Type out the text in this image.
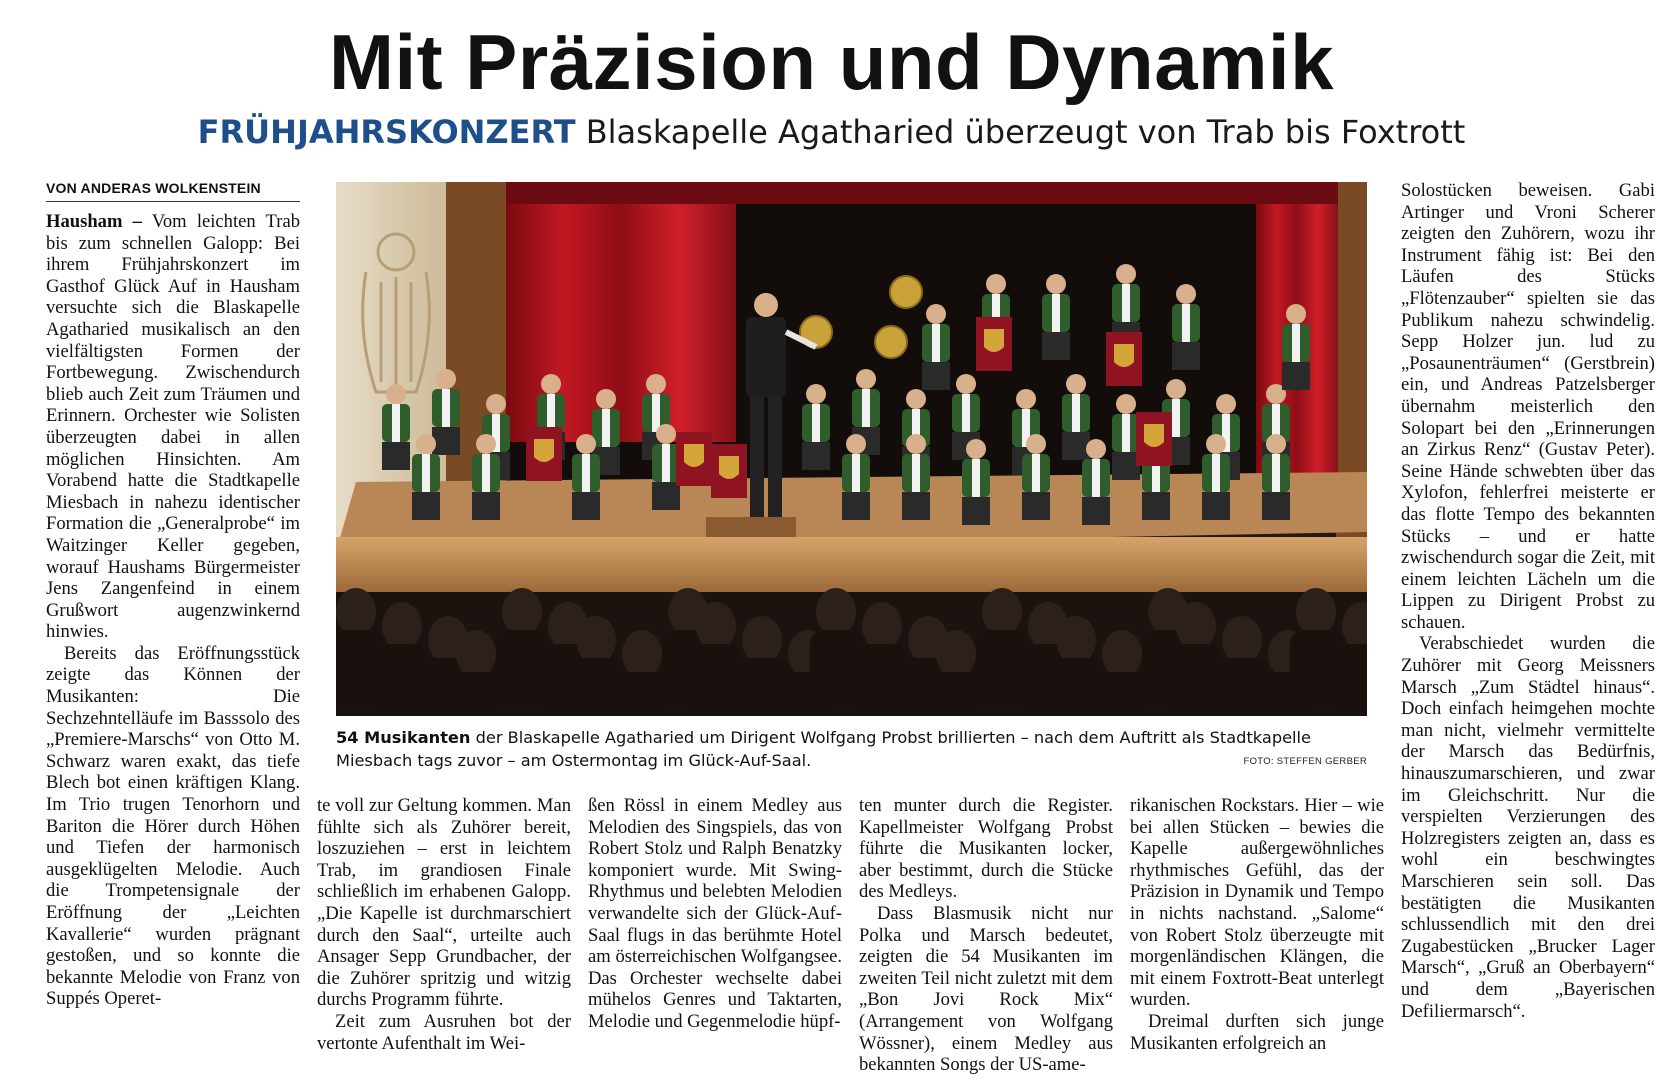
Mit Präzision und Dynamik
FRÜHJAHRSKONZERT Blaskapelle Agatharied überzeugt von Trab bis Foxtrott
VON ANDERAS WOLKENSTEIN

Hausham – Vom leichten Trab bis zum schnellen Galopp: Bei ihrem Frühjahrskonzert im Gasthof Glück Auf in Hausham versuchte sich die Blaskapelle Agatharied musikalisch an den vielfältigsten Formen der Fortbewegung. Zwischendurch blieb auch Zeit zum Träumen und Erinnern. Orchester wie Solisten überzeugten dabei in allen möglichen Hinsichten. Am Vorabend hatte die Stadtkapelle Miesbach in nahezu identischer Formation die „Generalprobe“ im Waitzinger Keller gegeben, worauf Haushams Bürgermeister Jens Zangenfeind in einem Grußwort augenzwinkernd hinwies.

Bereits das Eröffnungsstück zeigte das Können der Musikanten: Die Sechzehntelläufe im Basssolo des „Premiere-Marschs“ von Otto M. Schwarz waren exakt, das tiefe Blech bot einen kräftigen Klang. Im Trio trugen Tenorhorn und Bariton die Hörer durch Höhen und Tiefen der harmonisch ausgeklügelten Melodie. Auch die Trompetensignale der Eröffnung der „Leichten Kavallerie“ wurden prägnant gestoßen, und so konnte die bekannte Melodie von Franz von Suppés Operet-

54 Musikanten der Blaskapelle Agatharied um Dirigent Wolfgang Probst brillierten – nach dem Auftritt als Stadtkapelle Miesbach tags zuvor – am Ostermontag im Glück-Auf-Saal.	FOTO: STEFFEN GERBER

te voll zur Geltung kommen. Man fühlte sich als Zuhörer bereit, loszuziehen – erst in leichtem Trab, im grandiosen Finale schließlich im erhabenen Galopp. „Die Kapelle ist durchmarschiert durch den Saal“, urteilte auch Ansager Sepp Grundbacher, der die Zuhörer spritzig und witzig durchs Programm führte.

Zeit zum Ausruhen bot der vertonte Aufenthalt im Wei-

ßen Rössl in einem Medley aus Melodien des Singspiels, das von Robert Stolz und Ralph Benatzky komponiert wurde. Mit Swing-Rhythmus und belebten Melodien verwandelte sich der Glück-Auf-Saal flugs in das berühmte Hotel am österreichischen Wolfgangsee. Das Orchester wechselte dabei mühelos Genres und Taktarten, Melodie und Gegenmelodie hüpf-

ten munter durch die Register. Kapellmeister Wolfgang Probst führte die Musikanten locker, aber bestimmt, durch die Stücke des Medleys.

Dass Blasmusik nicht nur Polka und Marsch bedeutet, zeigten die 54 Musikanten im zweiten Teil nicht zuletzt mit dem „Bon Jovi Rock Mix“ (Arrangement von Wolfgang Wössner), einem Medley aus bekannten Songs der US-ame-

rikanischen Rockstars. Hier – wie bei allen Stücken – bewies die Kapelle außergewöhnliches rhythmisches Gefühl, das der Präzision in Dynamik und Tempo in nichts nachstand. „Salome“ von Robert Stolz überzeugte mit morgenländischen Klängen, die mit einem Foxtrott-Beat unterlegt wurden.

Dreimal durften sich junge Musikanten erfolgreich an

Solostücken beweisen. Gabi Artinger und Vroni Scherer zeigten den Zuhörern, wozu ihr Instrument fähig ist: Bei den Läufen des Stücks „Flötenzauber“ spielten sie das Publikum nahezu schwindelig. Sepp Holzer jun. lud zu „Posaunenträumen“ (Gerstbrein) ein, und Andreas Patzelsberger übernahm meisterlich den Solopart bei den „Erinnerungen an Zirkus Renz“ (Gustav Peter). Seine Hände schwebten über das Xylofon, fehlerfrei meisterte er das flotte Tempo des bekannten Stücks – und er hatte zwischendurch sogar die Zeit, mit einem leichten Lächeln um die Lippen zu Dirigent Probst zu schauen.

Verabschiedet wurden die Zuhörer mit Georg Meissners Marsch „Zum Städtel hinaus“. Doch einfach heimgehen mochte man nicht, vielmehr vermittelte der Marsch das Bedürfnis, hinauszumarschieren, und zwar im Gleichschritt. Nur die verspielten Verzierungen des Holzregisters zeigten an, dass es wohl ein beschwingtes Marschieren sein soll. Das bestätigten die Musikanten schlussendlich mit den drei Zugabestücken „Brucker Lager Marsch“, „Gruß an Oberbayern“ und dem „Bayerischen Defiliermarsch“.
